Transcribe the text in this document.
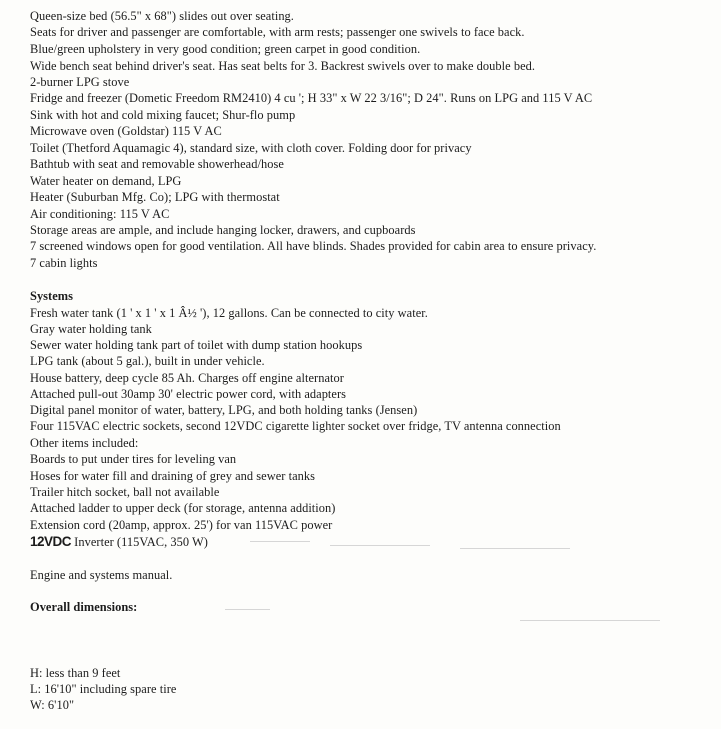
Queen-size bed (56.5" x 68") slides out over seating.
Seats for driver and passenger are comfortable, with arm rests; passenger one swivels to face back.
Blue/green upholstery in very good condition; green carpet in good condition.
Wide bench seat behind driver's seat. Has seat belts for 3. Backrest swivels over to make double bed.
2-burner LPG stove
Fridge and freezer (Dometic Freedom RM2410) 4 cu '; H 33" x W 22 3/16"; D 24". Runs on LPG and 115 V AC
Sink with hot and cold mixing faucet; Shur-flo pump
Microwave oven (Goldstar) 115 V AC
Toilet (Thetford Aquamagic 4), standard size, with cloth cover. Folding door for privacy
Bathtub with seat and removable showerhead/hose
Water heater on demand, LPG
Heater (Suburban Mfg. Co); LPG with thermostat
Air conditioning: 115 V AC
Storage areas are ample, and include hanging locker, drawers, and cupboards
7 screened windows open for good ventilation. All have blinds. Shades provided for cabin area to ensure privacy.
7 cabin lights
Systems
Fresh water tank (1 ' x 1 ' x 1 Â½ '), 12 gallons. Can be connected to city water.
Gray water holding tank
Sewer water holding tank part of toilet with dump station hookups
LPG tank (about 5 gal.), built in under vehicle.
House battery, deep cycle 85 Ah. Charges off engine alternator
Attached pull-out 30amp 30' electric power cord, with adapters
Digital panel monitor of water, battery, LPG, and both holding tanks (Jensen)
Four 115VAC electric sockets, second 12VDC cigarette lighter socket over fridge, TV antenna connection
Other items included:
Boards to put under tires for leveling van
Hoses for water fill and draining of grey and sewer tanks
Trailer hitch socket, ball not available
Attached ladder to upper deck (for storage, antenna addition)
Extension cord (20amp, approx. 25') for van 115VAC power
12VDC Inverter (115VAC, 350 W)
Engine and systems manual.
Overall dimensions:
H: less than 9 feet
L: 16'10" including spare tire
W: 6'10"
